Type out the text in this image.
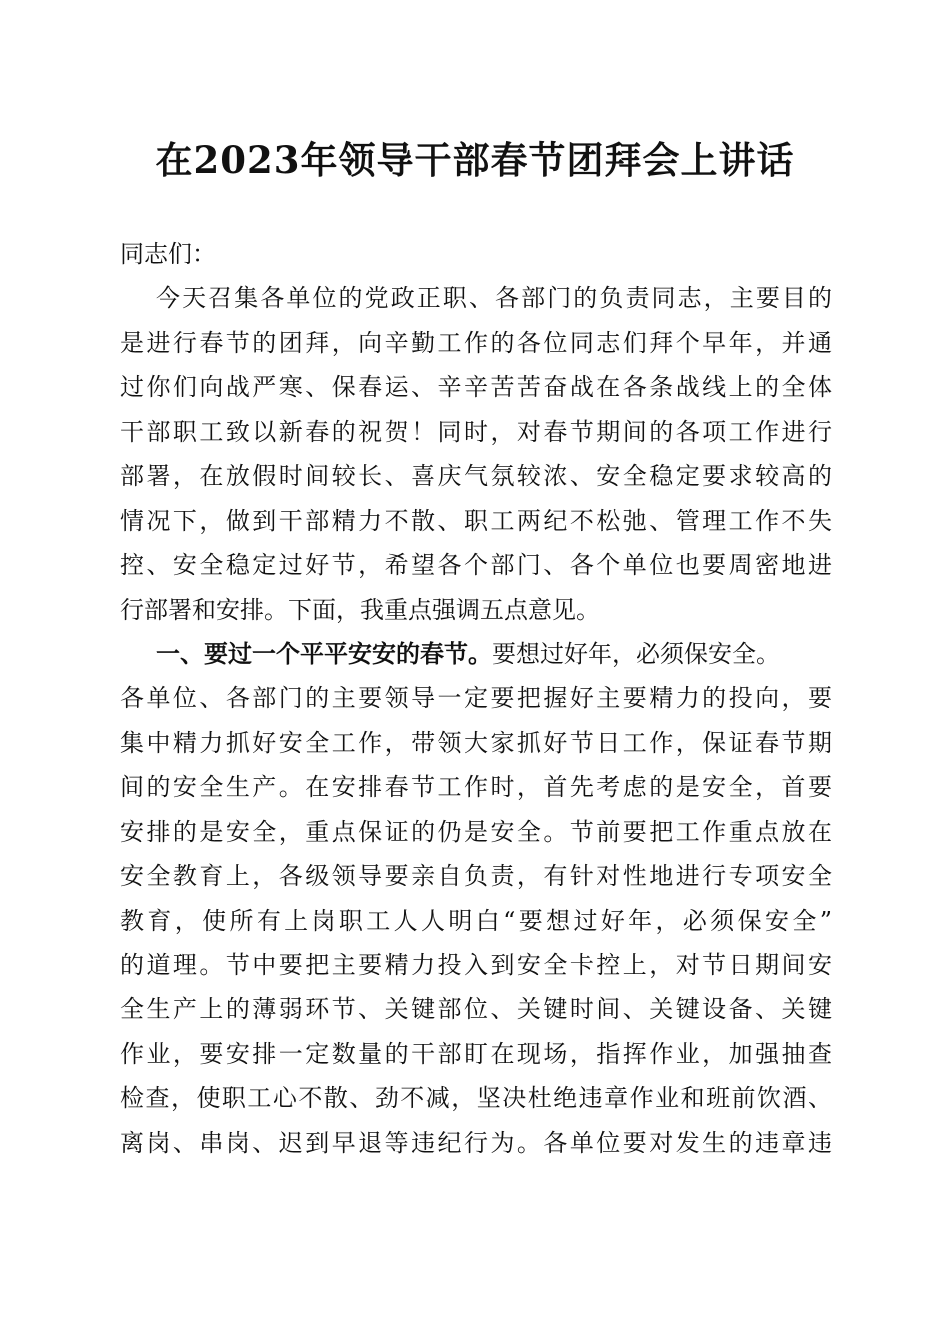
在2023年领导干部春节团拜会上讲话
同志们：
今天召集各单位的党政正职、各部门的负责同志，主要目的
是进行春节的团拜，向辛勤工作的各位同志们拜个早年，并通
过你们向战严寒、保春运、辛辛苦苦奋战在各条战线上的全体
干部职工致以新春的祝贺！同时，对春节期间的各项工作进行
部署，在放假时间较长、喜庆气氛较浓、安全稳定要求较高的
情况下，做到干部精力不散、职工两纪不松弛、管理工作不失
控、安全稳定过好节，希望各个部门、各个单位也要周密地进
行部署和安排。下面，我重点强调五点意见。
一、要过一个平平安安的春节。要想过好年，必须保安全。
各单位、各部门的主要领导一定要把握好主要精力的投向，要
集中精力抓好安全工作，带领大家抓好节日工作，保证春节期
间的安全生产。在安排春节工作时，首先考虑的是安全，首要
安排的是安全，重点保证的仍是安全。节前要把工作重点放在
安全教育上，各级领导要亲自负责，有针对性地进行专项安全
教育，使所有上岗职工人人明白“要想过好年，必须保安全”
的道理。节中要把主要精力投入到安全卡控上，对节日期间安
全生产上的薄弱环节、关键部位、关键时间、关键设备、关键
作业，要安排一定数量的干部盯在现场，指挥作业，加强抽查
检查，使职工心不散、劲不减，坚决杜绝违章作业和班前饮酒、
离岗、串岗、迟到早退等违纪行为。各单位要对发生的违章违
